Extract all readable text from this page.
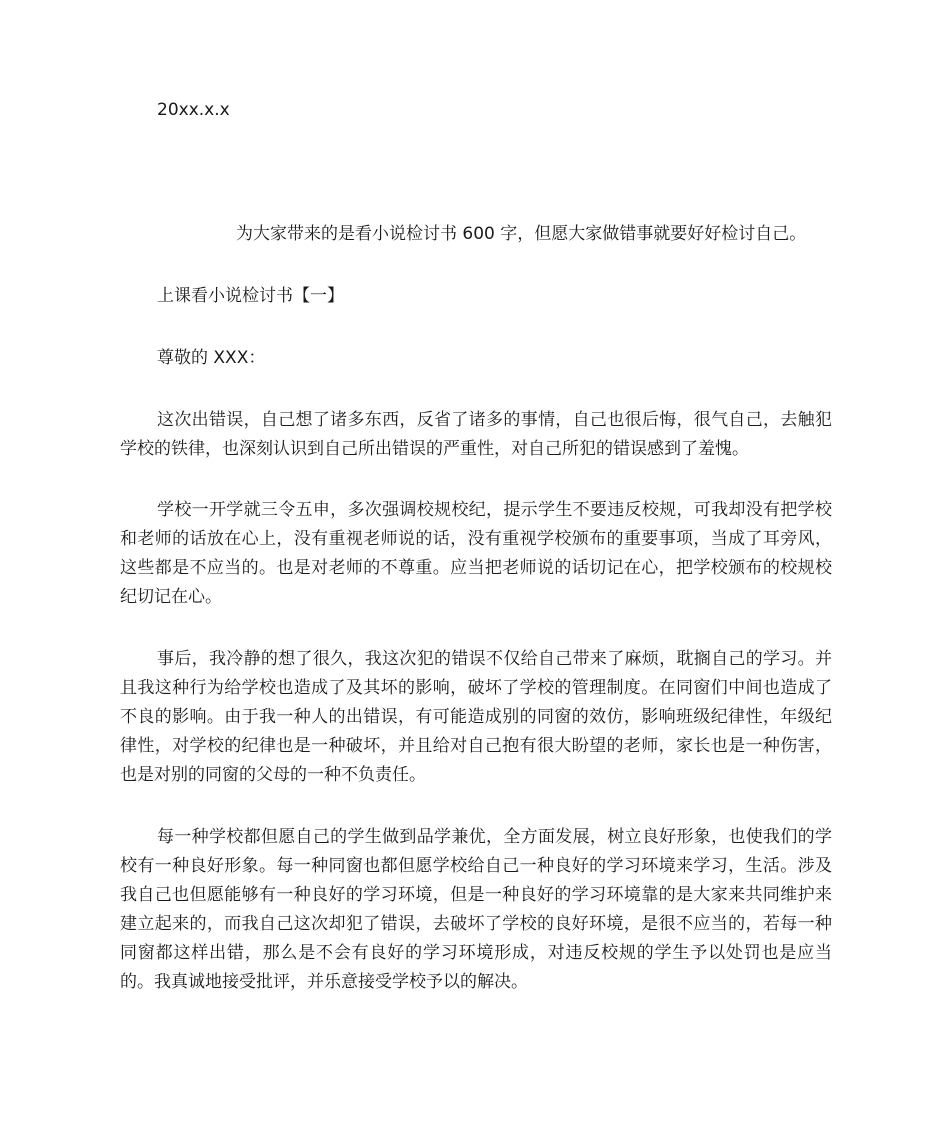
20xx.x.x

为大家带来的是看小说检讨书 600 字，但愿大家做错事就要好好检讨自己。

上课看小说检讨书【一】

尊敬的 XXX：

这次出错误，自己想了诸多东西，反省了诸多的事情，自己也很后悔，很气自己，去触犯学校的铁律，也深刻认识到自己所出错误的严重性，对自己所犯的错误感到了羞愧。

学校一开学就三令五申，多次强调校规校纪，提示学生不要违反校规，可我却没有把学校和老师的话放在心上，没有重视老师说的话，没有重视学校颁布的重要事项，当成了耳旁风，这些都是不应当的。也是对老师的不尊重。应当把老师说的话切记在心，把学校颁布的校规校纪切记在心。

事后，我冷静的想了很久，我这次犯的错误不仅给自己带来了麻烦，耽搁自己的学习。并且我这种行为给学校也造成了及其坏的影响，破坏了学校的管理制度。在同窗们中间也造成了不良的影响。由于我一种人的出错误，有可能造成别的同窗的效仿，影响班级纪律性，年级纪律性，对学校的纪律也是一种破坏，并且给对自己抱有很大盼望的老师，家长也是一种伤害，也是对别的同窗的父母的一种不负责任。

每一种学校都但愿自己的学生做到品学兼优，全方面发展，树立良好形象，也使我们的学校有一种良好形象。每一种同窗也都但愿学校给自己一种良好的学习环境来学习，生活。涉及我自己也但愿能够有一种良好的学习环境，但是一种良好的学习环境靠的是大家来共同维护来建立起来的，而我自己这次却犯了错误，去破坏了学校的良好环境，是很不应当的，若每一种同窗都这样出错，那么是不会有良好的学习环境形成，对违反校规的学生予以处罚也是应当的。我真诚地接受批评，并乐意接受学校予以的解决。
